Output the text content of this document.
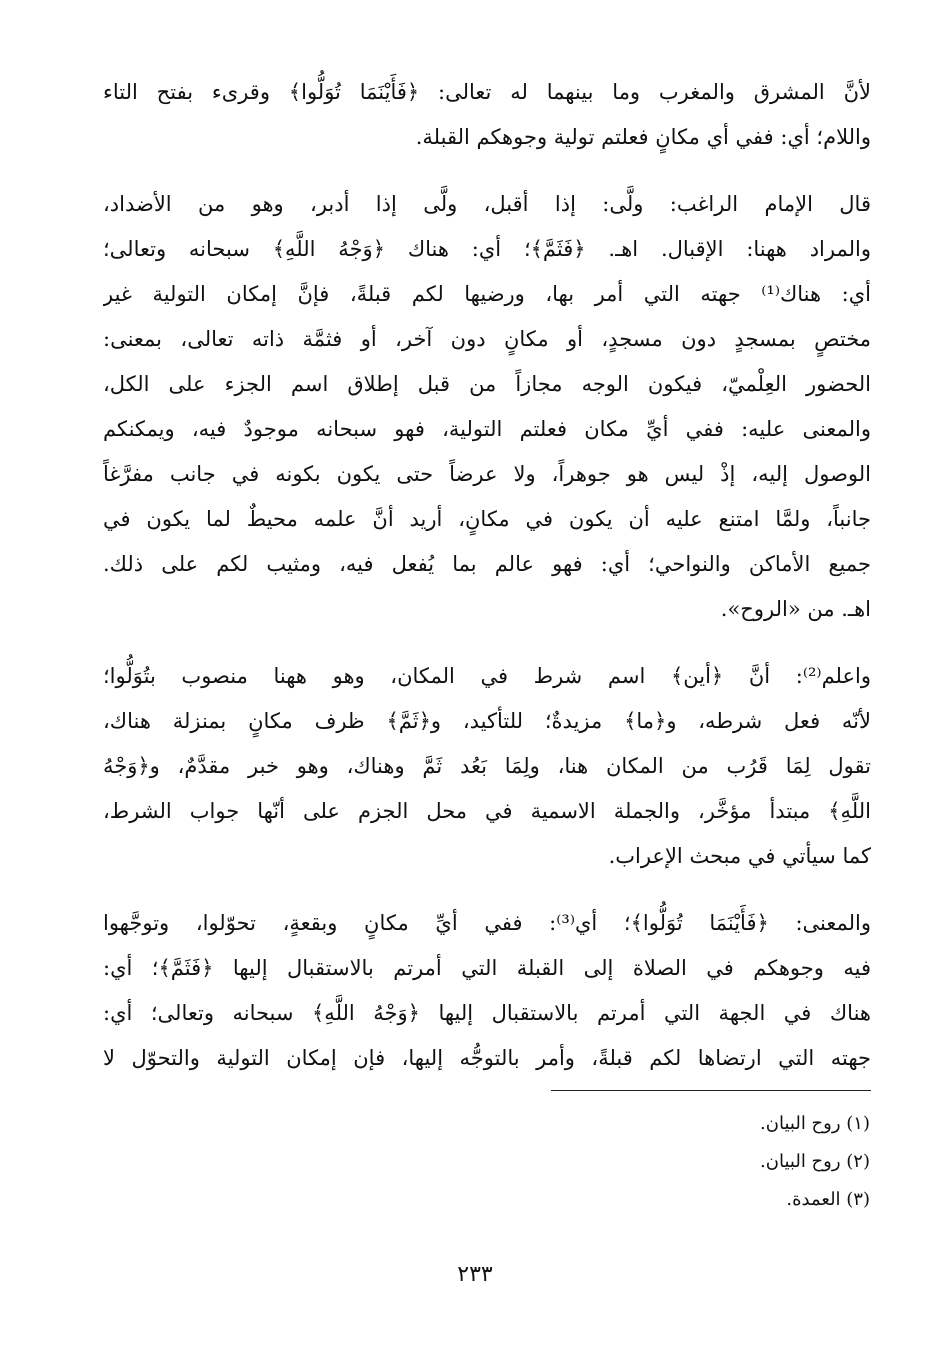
لأنَّ المشرق والمغرب وما بينهما له تعالى: ﴿فَأَيْنَمَا تُوَلُّوا﴾ وقرىء بفتح التاء
واللام؛ أي: ففي أي مكانٍ فعلتم تولية وجوهكم القبلة.
قال الإمام الراغب: ولَّى: إذا أقبل، ولَّى إذا أدبر، وهو من الأضداد،
والمراد ههنا: الإقبال. اهـ. ﴿فَثَمَّ﴾؛ أي: هناك ﴿وَجْهُ اللَّهِ﴾ سبحانه وتعالى؛
أي: هناك⁽¹⁾ جهته التي أمر بها، ورضيها لكم قبلةً، فإنَّ إمكان التولية غير
مختصٍ بمسجدٍ دون مسجدٍ، أو مكانٍ دون آخر، أو فثمَّة ذاته تعالى، بمعنى:
الحضور العِلْميّ، فيكون الوجه مجازاً من قبل إطلاق اسم الجزء على الكل،
والمعنى عليه: ففي أيِّ مكان فعلتم التولية، فهو سبحانه موجودٌ فيه، ويمكنكم
الوصول إليه، إذْ ليس هو جوهراً، ولا عرضاً حتى يكون بكونه في جانب مفرَّغاً
جانباً، ولمَّا امتنع عليه أن يكون في مكانٍ، أريد أنَّ علمه محيطٌ لما يكون في
جميع الأماكن والنواحي؛ أي: فهو عالم بما يُفعل فيه، ومثيب لكم على ذلك.
اهـ. من «الروح».
واعلم⁽²⁾: أنَّ ﴿أين﴾ اسم شرط في المكان، وهو ههنا منصوب بتُوَلُّوا؛
لأنّه فعل شرطه، و﴿ما﴾ مزيدةٌ؛ للتأكيد، و﴿ثَمَّ﴾ ظرف مكانٍ بمنزلة هناك،
تقول لِمَا قَرُب من المكان هنا، ولِمَا بَعُد ثَمَّ وهناك، وهو خبر مقدَّمٌ، و﴿وَجْهُ
اللَّهِ﴾ مبتدأ مؤخَّر، والجملة الاسمية في محل الجزم على أنّها جواب الشرط،
كما سيأتي في مبحث الإعراب.
والمعنى: ﴿فَأَيْنَمَا تُوَلُّوا﴾؛ أي⁽³⁾: ففي أيِّ مكانٍ وبقعةٍ، تحوّلوا، وتوجَّهوا
فيه وجوهكم في الصلاة إلى القبلة التي أمرتم بالاستقبال إليها ﴿فَثَمَّ﴾؛ أي:
هناك في الجهة التي أمرتم بالاستقبال إليها ﴿وَجْهُ اللَّهِ﴾ سبحانه وتعالى؛ أي:
جهته التي ارتضاها لكم قبلةً، وأمر بالتوجُّه إليها، فإن إمكان التولية والتحوّل لا
(١) روح البيان.
(٢) روح البيان.
(٣) العمدة.
٢٣٣
